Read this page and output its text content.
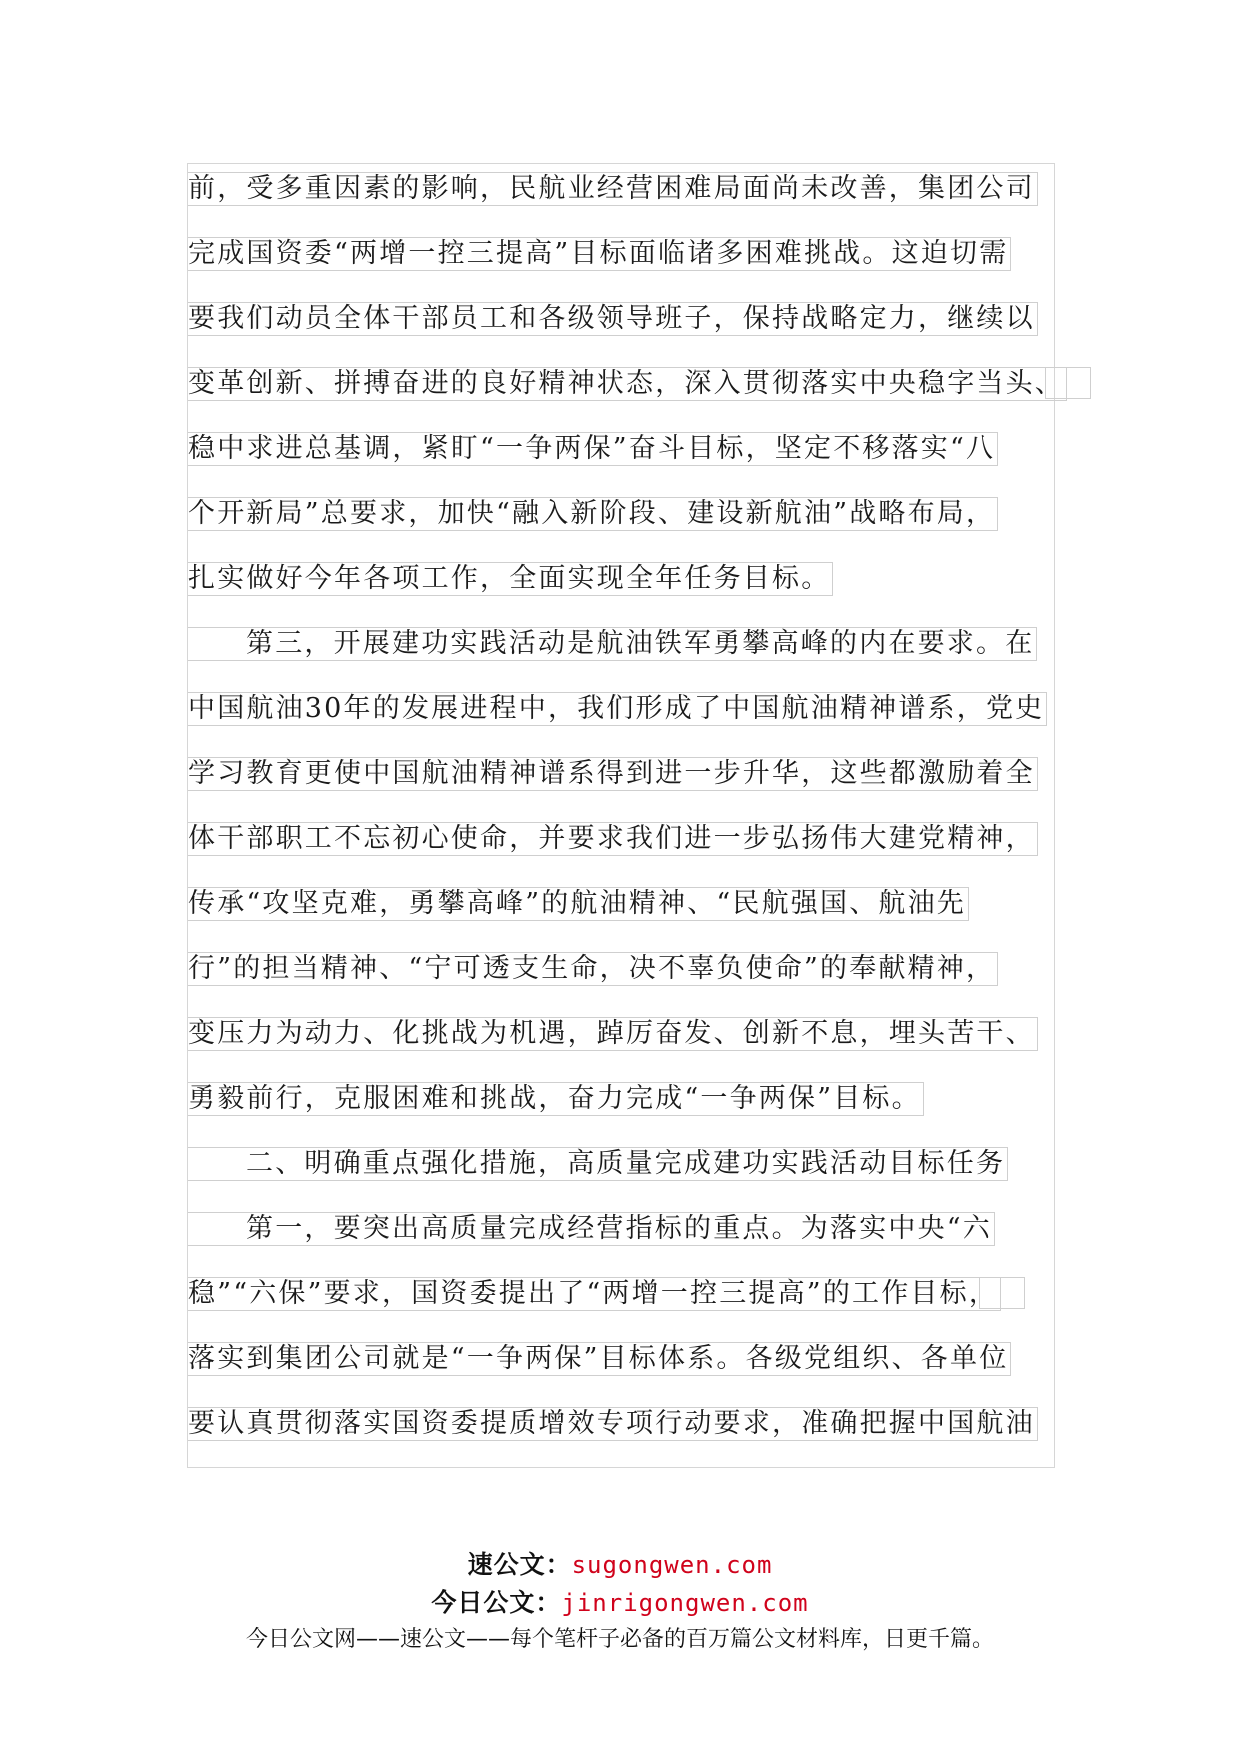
前，受多重因素的影响，民航业经营困难局面尚未改善，集团公司
完成国资委“两增一控三提高”目标面临诸多困难挑战。这迫切需
要我们动员全体干部员工和各级领导班子，保持战略定力，继续以
变革创新、拼搏奋进的良好精神状态，深入贯彻落实中央稳字当头、
稳中求进总基调，紧盯“一争两保”奋斗目标，坚定不移落实“八
个开新局”总要求，加快“融入新阶段、建设新航油”战略布局，
扎实做好今年各项工作，全面实现全年任务目标。
第三，开展建功实践活动是航油铁军勇攀高峰的内在要求。在
中国航油30年的发展进程中，我们形成了中国航油精神谱系，党史
学习教育更使中国航油精神谱系得到进一步升华，这些都激励着全
体干部职工不忘初心使命，并要求我们进一步弘扬伟大建党精神，
传承“攻坚克难，勇攀高峰”的航油精神、“民航强国、航油先
行”的担当精神、“宁可透支生命，决不辜负使命”的奉献精神，
变压力为动力、化挑战为机遇，踔厉奋发、创新不息，埋头苦干、
勇毅前行，克服困难和挑战，奋力完成“一争两保”目标。
二、明确重点强化措施，高质量完成建功实践活动目标任务
第一，要突出高质量完成经营指标的重点。为落实中央“六
稳”“六保”要求，国资委提出了“两增一控三提高”的工作目标，
落实到集团公司就是“一争两保”目标体系。各级党组织、各单位
要认真贯彻落实国资委提质增效专项行动要求，准确把握中国航油
速公文：sugongwen.com
今日公文：jinrigongwen.com
今日公文网——速公文——每个笔杆子必备的百万篇公文材料库，日更千篇。
